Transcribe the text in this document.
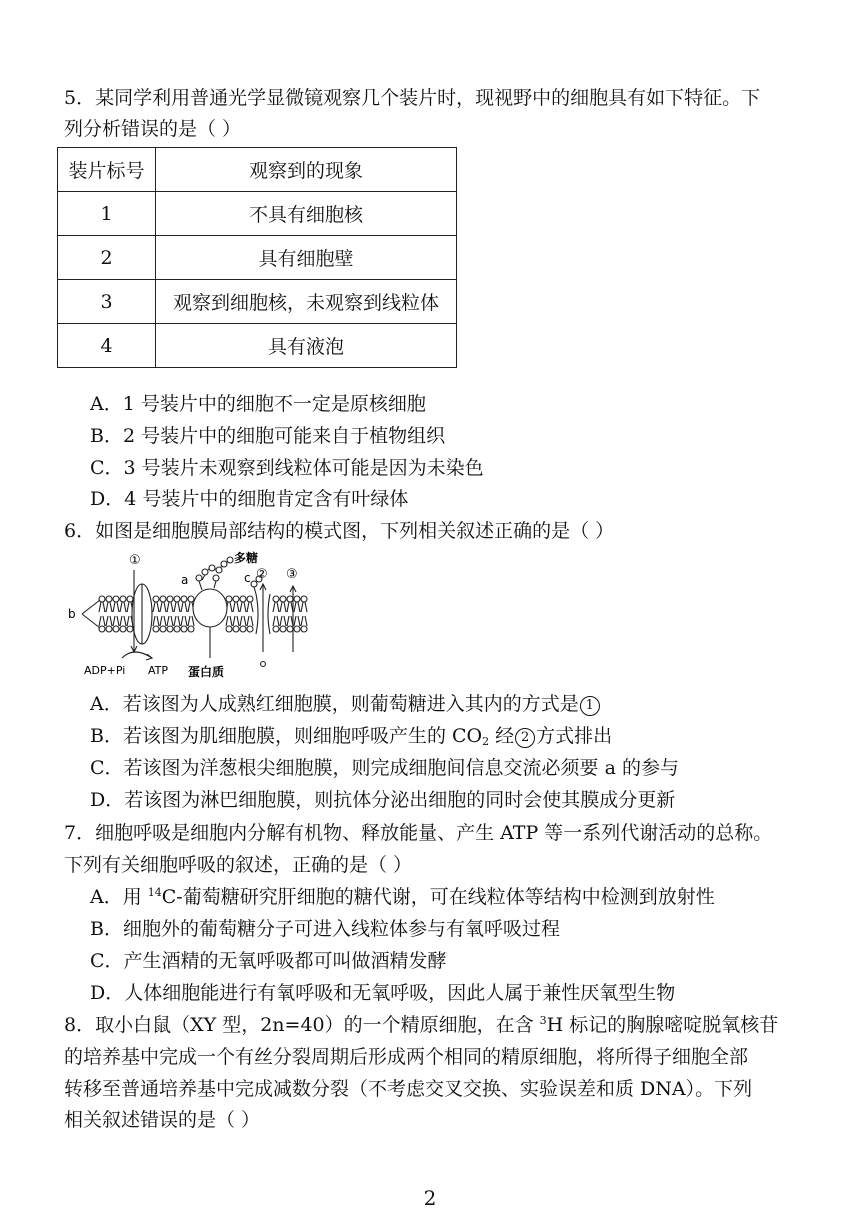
5．某同学利用普通光学显微镜观察几个装片时，现视野中的细胞具有如下特征。下
列分析错误的是（ ）
装片标号	观察到的现象
1	不具有细胞核
2	具有细胞壁
3	观察到细胞核，未观察到线粒体
4	具有液泡
A．1 号装片中的细胞不一定是原核细胞
B．2 号装片中的细胞可能来自于植物组织
C．3 号装片未观察到线粒体可能是因为未染色
D．4 号装片中的细胞肯定含有叶绿体
6．如图是细胞膜局部结构的模式图，下列相关叙述正确的是（ ）
①
a
多糖
c ② ③
b
ADP+Pi ATP 蛋白质
A．若该图为人成熟红细胞膜，则葡萄糖进入其内的方式是 1
B．若该图为肌细胞膜，则细胞呼吸产生的 $CO_2$ 经 2 方式排出
C．若该图为洋葱根尖细胞膜，则完成细胞间信息交流必须要 a 的参与
D．若该图为淋巴细胞膜，则抗体分泌出细胞的同时会使其膜成分更新
7．细胞呼吸是细胞内分解有机物、释放能量、产生 ATP 等一系列代谢活动的总称。
下列有关细胞呼吸的叙述，正确的是（ ）
A．用 $^{14}$C-葡萄糖研究肝细胞的糖代谢，可在线粒体等结构中检测到放射性
B．细胞外的葡萄糖分子可进入线粒体参与有氧呼吸过程
C．产生酒精的无氧呼吸都可叫做酒精发酵
D．人体细胞能进行有氧呼吸和无氧呼吸，因此人属于兼性厌氧型生物
8．取小白鼠（XY 型，2n=40）的一个精原细胞，在含 $^3$H 标记的胸腺嘧啶脱氧核苷
的培养基中完成一个有丝分裂周期后形成两个相同的精原细胞，将所得子细胞全部
转移至普通培养基中完成减数分裂（不考虑交叉交换、实验误差和质 DNA）。下列
相关叙述错误的是（ ）
2
